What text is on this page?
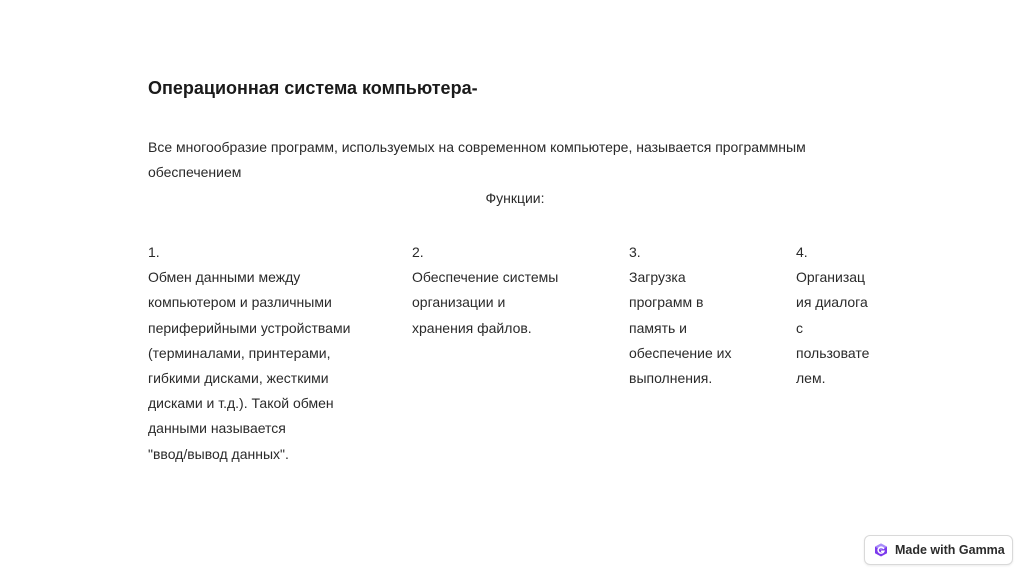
Операционная система компьютера-

Все многообразие программ, используемых на современном компьютере, называется программным обеспечением

Функции:
1.
Обмен данными между
компьютером и различными
периферийными устройствами
(терминалами, принтерами,
гибкими дисками, жесткими
дисками и т.д.). Такой обмен
данными называется
"ввод/вывод данных".
2.
Обеспечение системы
организации и
хранения файлов.
3.
Загрузка
программ в
память и
обеспечение их
выполнения.
4.
Организац
ия диалога
с
пользовате
лем.
Made with Gamma
